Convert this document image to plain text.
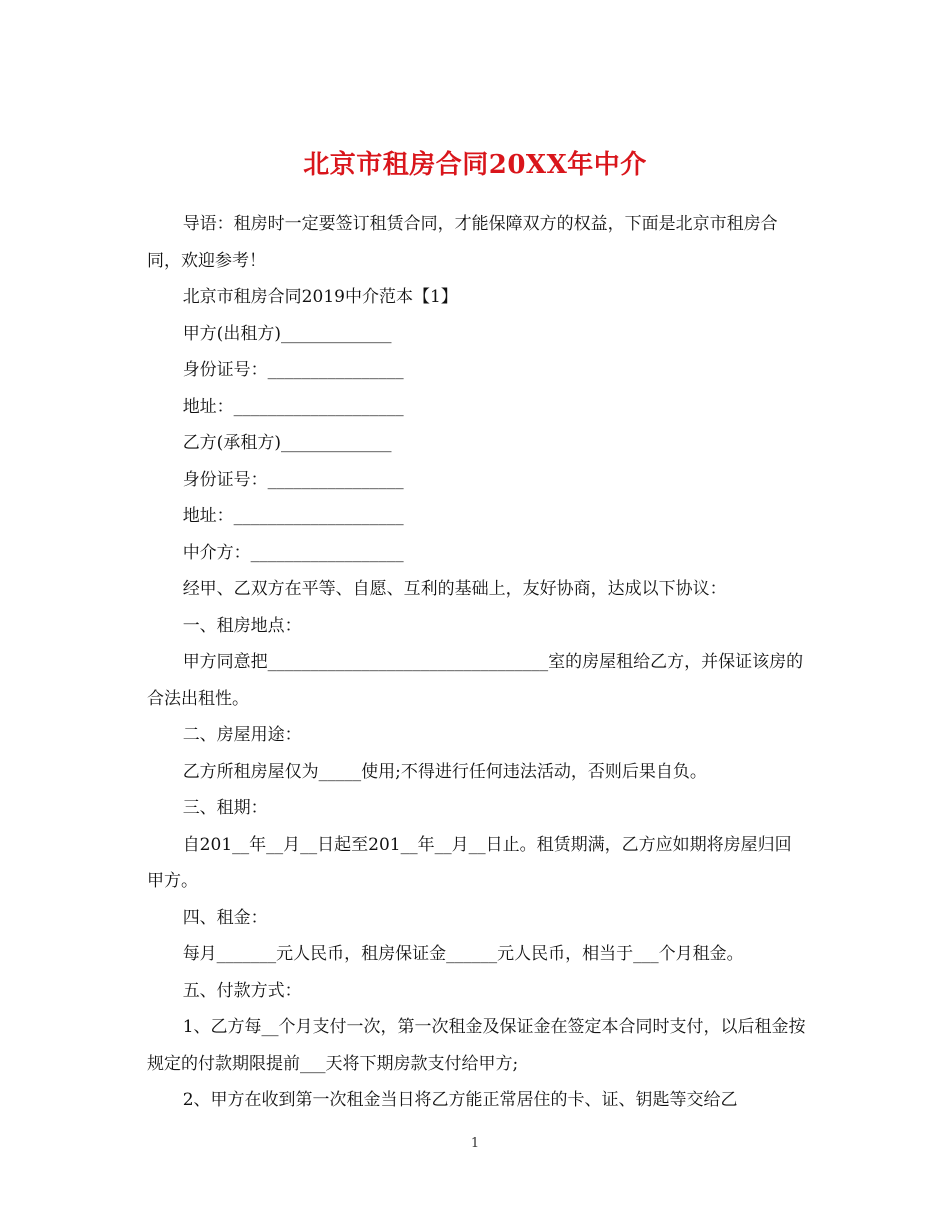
北京市租房合同20XX年中介

导语：租房时一定要签订租赁合同，才能保障双方的权益，下面是北京市租房合同，欢迎参考！

北京市租房合同2019中介范本【1】

甲方(出租方)_____________

身份证号：________________

地址：____________________

乙方(承租方)_____________

身份证号：________________

地址：____________________

中介方：__________________

经甲、乙双方在平等、自愿、互利的基础上，友好协商，达成以下协议：

一、租房地点：

甲方同意把_________________________________室的房屋租给乙方，并保证该房的合法出租性。

二、房屋用途：

乙方所租房屋仅为_____使用;不得进行任何违法活动，否则后果自负。

三、租期：

自201__年__月__日起至201__年__月__日止。租赁期满，乙方应如期将房屋归回甲方。

四、租金：

每月_______元人民币，租房保证金______元人民币，相当于___个月租金。

五、付款方式：

1、乙方每__个月支付一次，第一次租金及保证金在签定本合同时支付，以后租金按规定的付款期限提前___天将下期房款支付给甲方;

2、甲方在收到第一次租金当日将乙方能正常居住的卡、证、钥匙等交给乙

1
